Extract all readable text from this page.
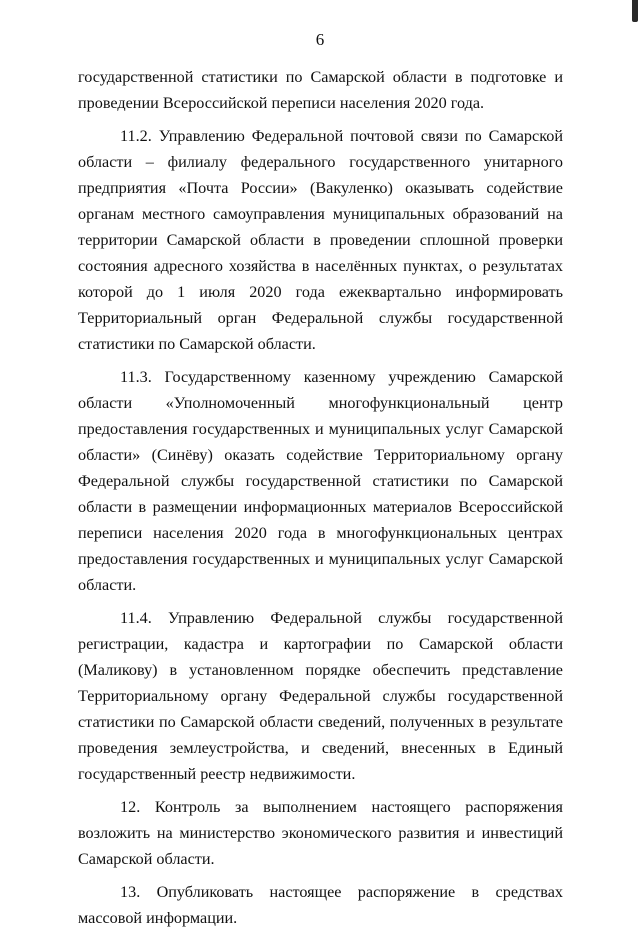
6

государственной статистики по Самарской области в подготовке и проведении Всероссийской переписи населения 2020 года.

11.2. Управлению Федеральной почтовой связи по Самарской области – филиалу федерального государственного унитарного предприятия «Почта России» (Вакуленко) оказывать содействие органам местного самоуправления муниципальных образований на территории Самарской области в проведении сплошной проверки состояния адресного хозяйства в населённых пунктах, о результатах которой до 1 июля 2020 года ежеквартально информировать Территориальный орган Федеральной службы государственной статистики по Самарской области.

11.3. Государственному казенному учреждению Самарской области «Уполномоченный многофункциональный центр предоставления государственных и муниципальных услуг Самарской области» (Синёву) оказать содействие Территориальному органу Федеральной службы государственной статистики по Самарской области в размещении информационных материалов Всероссийской переписи населения 2020 года в многофункциональных центрах предоставления государственных и муниципальных услуг Самарской области.

11.4. Управлению Федеральной службы государственной регистрации, кадастра и картографии по Самарской области (Маликову) в установленном порядке обеспечить представление Территориальному органу Федеральной службы государственной статистики по Самарской области сведений, полученных в результате проведения землеустройства, и сведений, внесенных в Единый государственный реестр недвижимости.

12. Контроль за выполнением настоящего распоряжения возложить на министерство экономического развития и инвестиций Самарской области.

13. Опубликовать настоящее распоряжение в средствах массовой информации.
